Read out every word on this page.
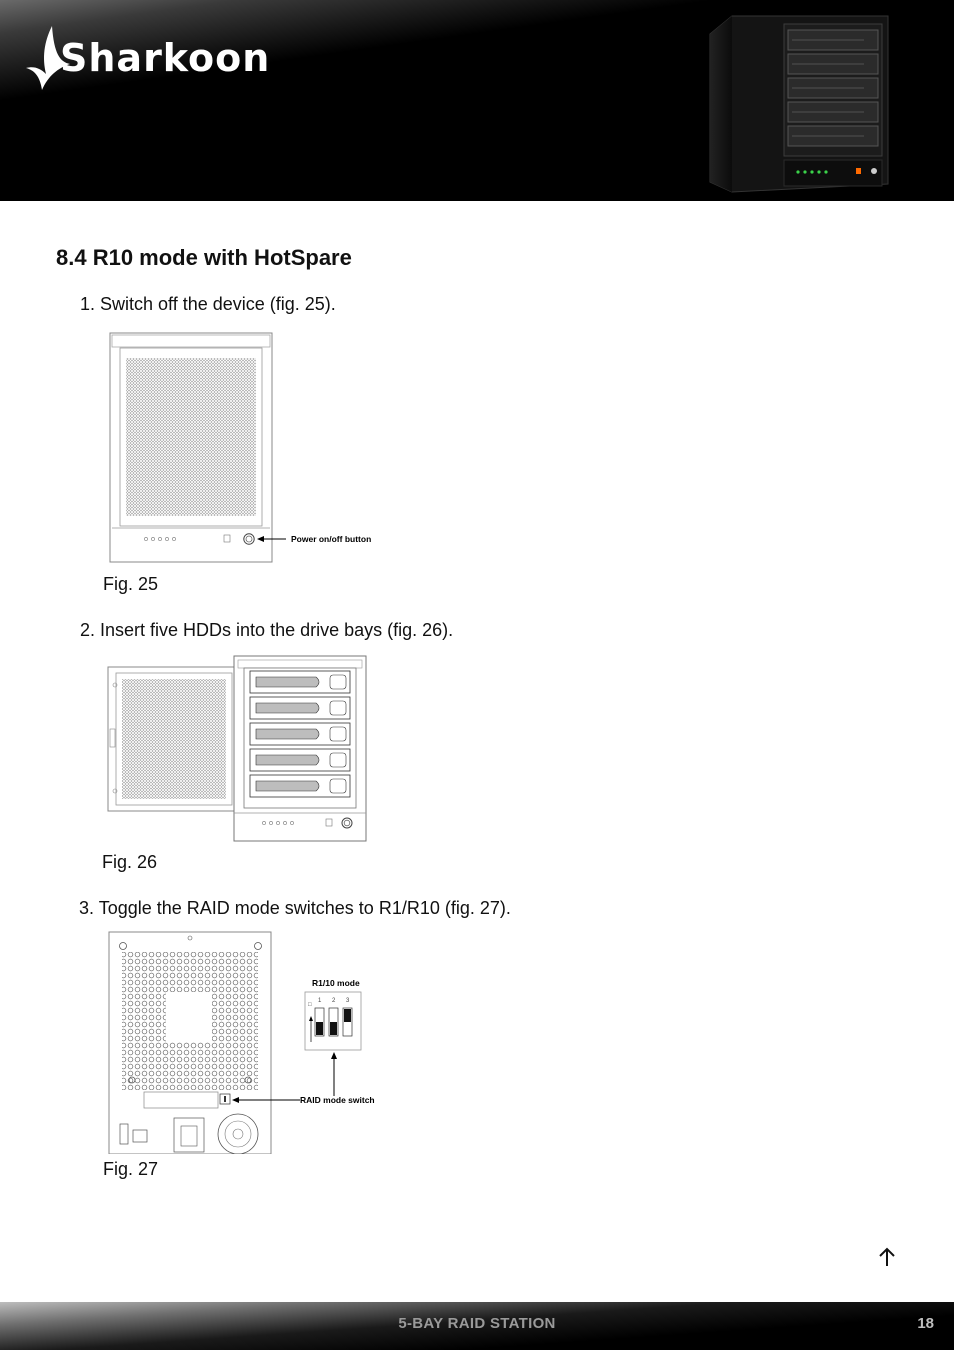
Sharkoon
8.4 R10 mode with HotSpare
1. Switch off the device (fig. 25).
Power on/off button
Fig. 25
2. Insert five HDDs into the drive bays (fig. 26).
Fig. 26
3. Toggle the RAID mode switches to R1/R10 (fig. 27).
RAID mode switch
R1/10 mode
□
1 2 3
Fig. 27
5-BAY RAID STATION	18
